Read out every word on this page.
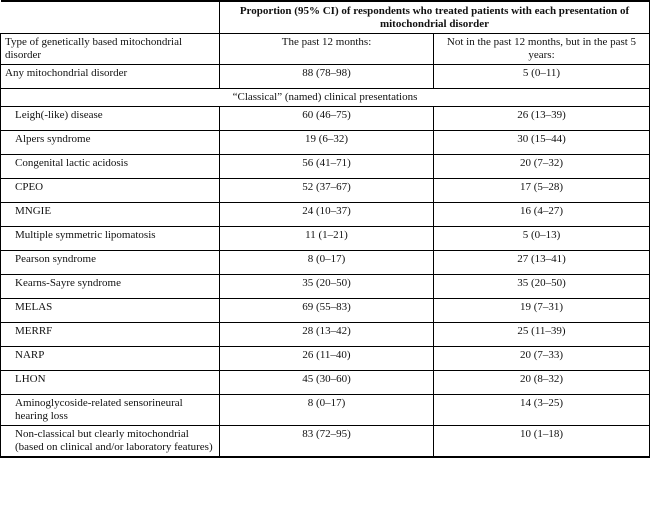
	Proportion (95% CI) of respondents who treated patients with each presentation of mitochondrial disorder	
Type of genetically based mitochondrial disorder	The past 12 months:	Not in the past 12 months, but in the past 5 years:
Any mitochondrial disorder	88 (78–98)	5 (0–11)
“Classical” (named) clinical presentations		
Leigh(-like) disease	60 (46–75)	26 (13–39)
Alpers syndrome	19 (6–32)	30 (15–44)
Congenital lactic acidosis	56 (41–71)	20 (7–32)
CPEO	52 (37–67)	17 (5–28)
MNGIE	24 (10–37)	16 (4–27)
Multiple symmetric lipomatosis	11 (1–21)	5 (0–13)
Pearson syndrome	8 (0–17)	27 (13–41)
Kearns-Sayre syndrome	35 (20–50)	35 (20–50)
MELAS	69 (55–83)	19 (7–31)
MERRF	28 (13–42)	25 (11–39)
NARP	26 (11–40)	20 (7–33)
LHON	45 (30–60)	20 (8–32)
Aminoglycoside-related sensorineural hearing loss	8 (0–17)	14 (3–25)
Non-classical but clearly mitochondrial (based on clinical and/or laboratory features)	83 (72–95)	10 (1–18)
